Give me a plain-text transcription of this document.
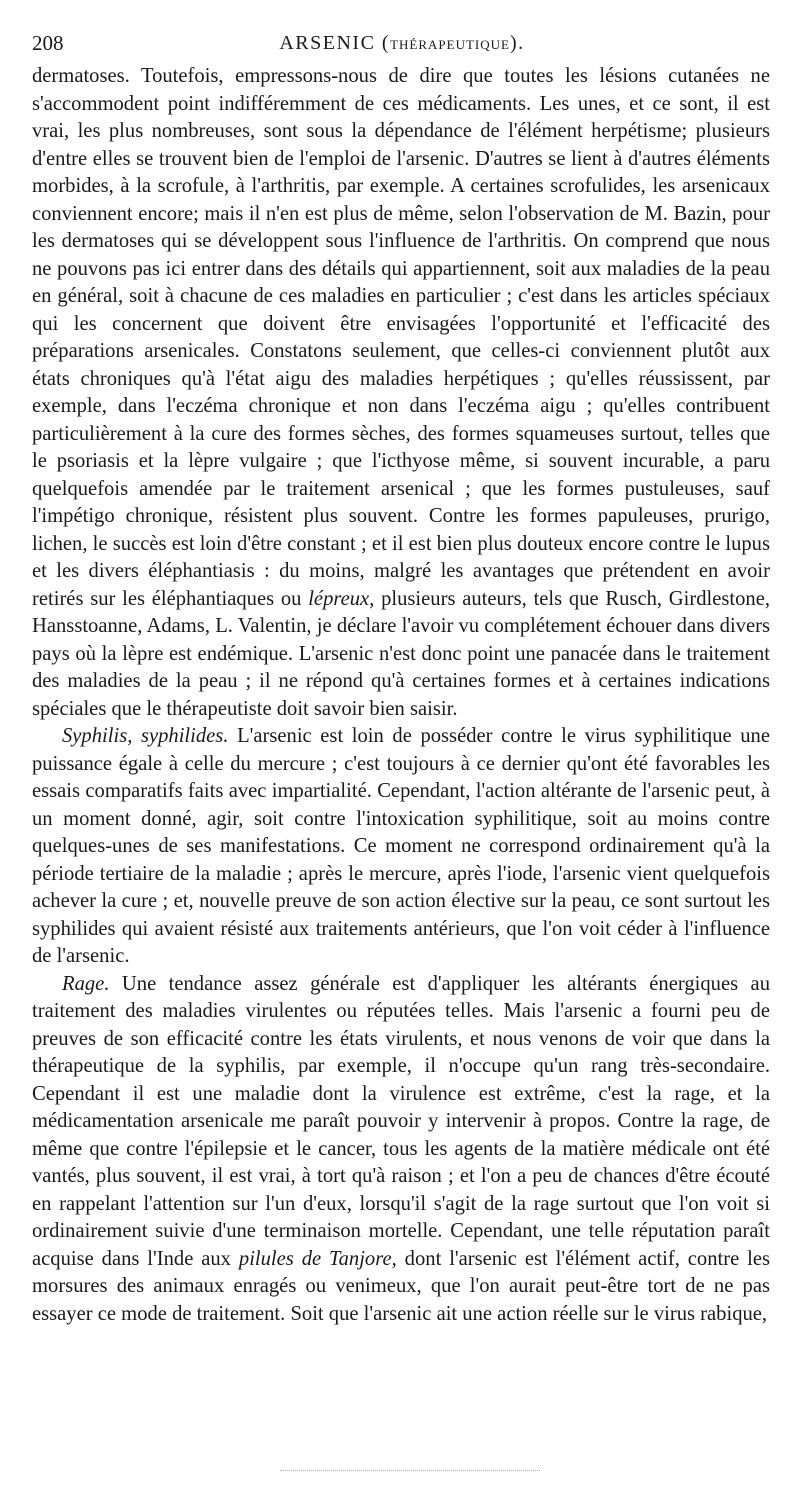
208	ARSENIC (THÉRAPEUTIQUE).

dermatoses. Toutefois, empressons-nous de dire que toutes les lésions cutanées ne s'accommodent point indifféremment de ces médicaments. Les unes, et ce sont, il est vrai, les plus nombreuses, sont sous la dépendance de l'élément herpétisme; plusieurs d'entre elles se trouvent bien de l'emploi de l'arsenic. D'autres se lient à d'autres éléments morbides, à la scrofule, à l'arthritis, par exemple. A certaines scrofulides, les arsenicaux conviennent encore; mais il n'en est plus de même, selon l'observation de M. Bazin, pour les dermatoses qui se développent sous l'influence de l'arthritis. On comprend que nous ne pouvons pas ici entrer dans des détails qui appartiennent, soit aux maladies de la peau en général, soit à chacune de ces maladies en particulier ; c'est dans les articles spéciaux qui les concernent que doivent être envisagées l'opportunité et l'efficacité des préparations arsenicales. Constatons seulement, que celles-ci conviennent plutôt aux états chroniques qu'à l'état aigu des maladies herpétiques ; qu'elles réussissent, par exemple, dans l'eczéma chronique et non dans l'eczéma aigu ; qu'elles contribuent particulièrement à la cure des formes sèches, des formes squameuses surtout, telles que le psoriasis et la lèpre vulgaire ; que l'icthyose même, si souvent incurable, a paru quelquefois amendée par le traitement arsenical ; que les formes pustuleuses, sauf l'impétigo chronique, résistent plus souvent. Contre les formes papuleuses, prurigo, lichen, le succès est loin d'être constant ; et il est bien plus douteux encore contre le lupus et les divers éléphantiasis : du moins, malgré les avantages que prétendent en avoir retirés sur les éléphantiaques ou lépreux, plusieurs auteurs, tels que Rusch, Girdlestone, Hansstoanne, Adams, L. Valentin, je déclare l'avoir vu complétement échouer dans divers pays où la lèpre est endémique. L'arsenic n'est donc point une panacée dans le traitement des maladies de la peau ; il ne répond qu'à certaines formes et à certaines indications spéciales que le thérapeutiste doit savoir bien saisir.

Syphilis, syphilides. L'arsenic est loin de posséder contre le virus syphilitique une puissance égale à celle du mercure ; c'est toujours à ce dernier qu'ont été favorables les essais comparatifs faits avec impartialité. Cependant, l'action altérante de l'arsenic peut, à un moment donné, agir, soit contre l'intoxication syphilitique, soit au moins contre quelques-unes de ses manifestations. Ce moment ne correspond ordinairement qu'à la période tertiaire de la maladie ; après le mercure, après l'iode, l'arsenic vient quelquefois achever la cure ; et, nouvelle preuve de son action élective sur la peau, ce sont surtout les syphilides qui avaient résisté aux traitements antérieurs, que l'on voit céder à l'influence de l'arsenic.

Rage. Une tendance assez générale est d'appliquer les altérants énergiques au traitement des maladies virulentes ou réputées telles. Mais l'arsenic a fourni peu de preuves de son efficacité contre les états virulents, et nous venons de voir que dans la thérapeutique de la syphilis, par exemple, il n'occupe qu'un rang très-secondaire. Cependant il est une maladie dont la virulence est extrême, c'est la rage, et la médicamentation arsenicale me paraît pouvoir y intervenir à propos. Contre la rage, de même que contre l'épilepsie et le cancer, tous les agents de la matière médicale ont été vantés, plus souvent, il est vrai, à tort qu'à raison ; et l'on a peu de chances d'être écouté en rappelant l'attention sur l'un d'eux, lorsqu'il s'agit de la rage surtout que l'on voit si ordinairement suivie d'une terminaison mortelle. Cependant, une telle réputation paraît acquise dans l'Inde aux pilules de Tanjore, dont l'arsenic est l'élément actif, contre les morsures des animaux enragés ou venimeux, que l'on aurait peut-être tort de ne pas essayer ce mode de traitement. Soit que l'arsenic ait une action réelle sur le virus rabique,
